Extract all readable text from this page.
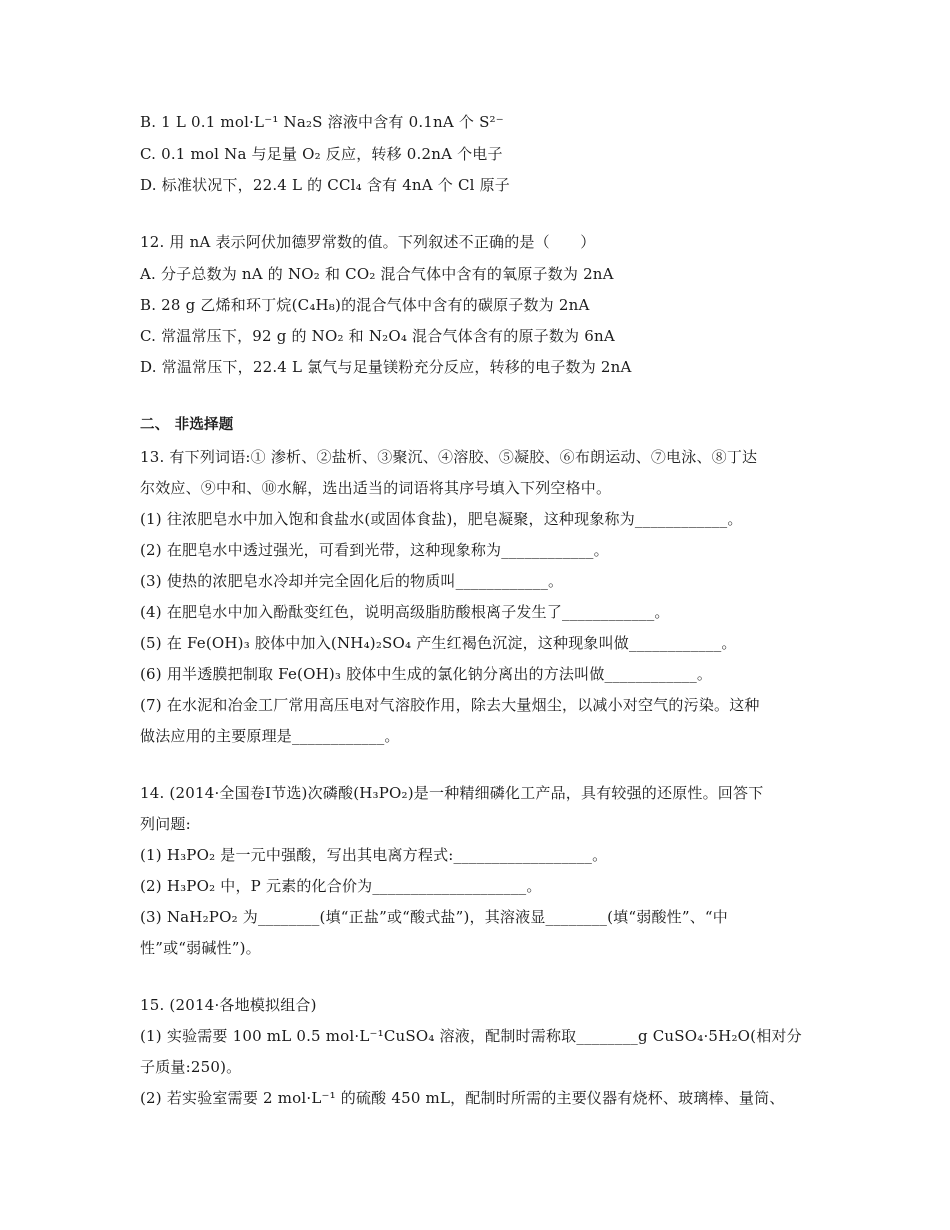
B. 1 L 0.1 mol·L⁻¹ Na₂S 溶液中含有 0.1nA 个 S²⁻
C. 0.1 mol Na 与足量 O₂ 反应，转移 0.2nA 个电子
D. 标准状况下，22.4 L 的 CCl₄ 含有 4nA 个 Cl 原子
12. 用 nA 表示阿伏加德罗常数的值。下列叙述不正确的是（　　）
A. 分子总数为 nA 的 NO₂ 和 CO₂ 混合气体中含有的氧原子数为 2nA
B. 28 g 乙烯和环丁烷(C₄H₈)的混合气体中含有的碳原子数为 2nA
C. 常温常压下，92 g 的 NO₂ 和 N₂O₄ 混合气体含有的原子数为 6nA
D. 常温常压下，22.4 L 氯气与足量镁粉充分反应，转移的电子数为 2nA
二、 非选择题
13. 有下列词语:① 渗析、②盐析、③聚沉、④溶胶、⑤凝胶、⑥布朗运动、⑦电泳、⑧丁达
尔效应、⑨中和、⑩水解，选出适当的词语将其序号填入下列空格中。
(1) 往浓肥皂水中加入饱和食盐水(或固体食盐)，肥皂凝聚，这种现象称为____________。
(2) 在肥皂水中透过强光，可看到光带，这种现象称为____________。
(3) 使热的浓肥皂水冷却并完全固化后的物质叫____________。
(4) 在肥皂水中加入酚酞变红色，说明高级脂肪酸根离子发生了____________。
(5) 在 Fe(OH)₃ 胶体中加入(NH₄)₂SO₄ 产生红褐色沉淀，这种现象叫做____________。
(6) 用半透膜把制取 Fe(OH)₃ 胶体中生成的氯化钠分离出的方法叫做____________。
(7) 在水泥和冶金工厂常用高压电对气溶胶作用，除去大量烟尘，以减小对空气的污染。这种
做法应用的主要原理是____________。
14. (2014·全国卷Ⅰ节选)次磷酸(H₃PO₂)是一种精细磷化工产品，具有较强的还原性。回答下
列问题:
(1) H₃PO₂ 是一元中强酸，写出其电离方程式:__________________。
(2) H₃PO₂ 中，P 元素的化合价为____________________。
(3) NaH₂PO₂ 为________(填“正盐”或“酸式盐”)，其溶液显________(填“弱酸性”、“中
性”或“弱碱性”)。
15. (2014·各地模拟组合)
(1) 实验需要 100 mL 0.5 mol·L⁻¹CuSO₄ 溶液，配制时需称取________g CuSO₄·5H₂O(相对分
子质量:250)。
(2) 若实验室需要 2 mol·L⁻¹ 的硫酸 450 mL，配制时所需的主要仪器有烧杯、玻璃棒、量筒、
